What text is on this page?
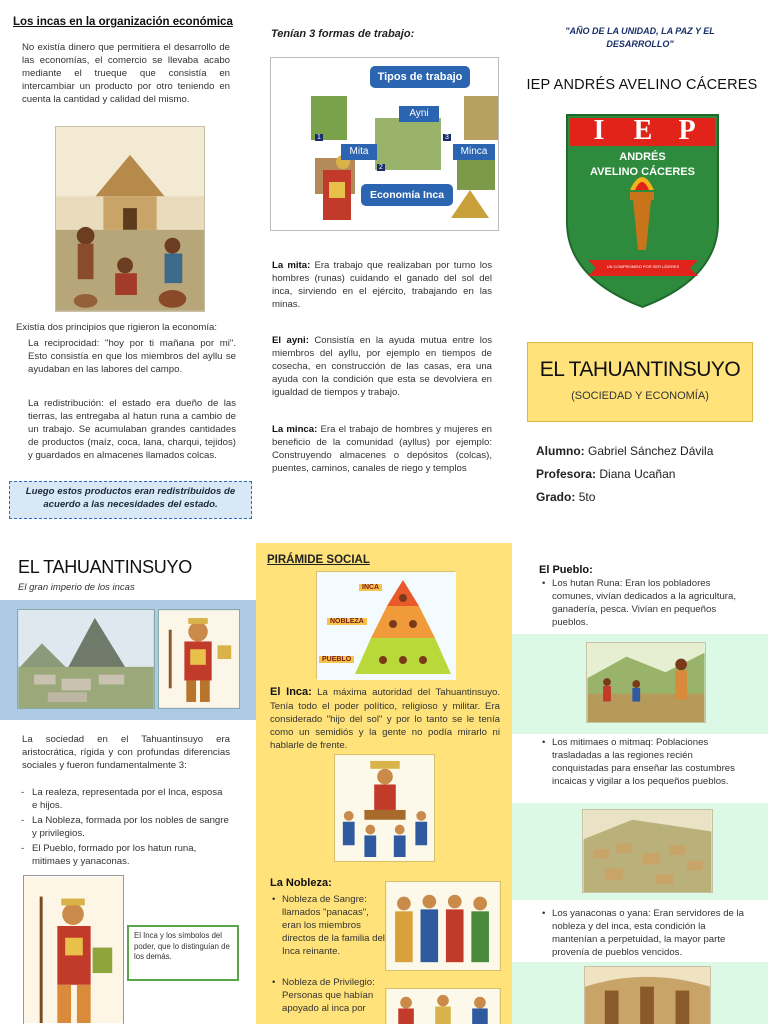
Los incas en la organización económica
No existía dinero que permitiera el desarrollo de las economías, el comercio se llevaba acabo mediante el trueque que consistía en intercambiar un producto por otro teniendo en cuenta la cantidad y calidad del mismo.
Existía dos principios que rigieron la economía:
La reciprocidad: "hoy por ti mañana por mi". Esto consistía en que los miembros del ayllu se ayudaban en las labores del campo.
La redistribución: el estado era dueño de las tierras, las entregaba al hatun runa a cambio de un trabajo. Se acumulaban grandes cantidades de productos (maíz, coca, lana, charqui, tejidos) y guardados en almacenes llamados colcas.
Luego estos productos eran redistribuidos de acuerdo a las necesidades del estado.
Tenían 3 formas de trabajo:
Tipos de trabajo
Ayni
Mita	Minca
Economía Inca
1
2
3
La mita: Era trabajo que realizaban por turno los hombres (runas) cuidando el ganado del sol del inca, sirviendo en el ejército, trabajando en las minas.
El ayni: Consistía en la ayuda mutua entre los miembros del ayllu, por ejemplo en tiempos de cosecha, en construcción de las casas, era una ayuda con la condición que esta se devolviera en igualdad de tiempos y trabajo.
La minca: Era el trabajo de hombres y mujeres en beneficio de la comunidad (ayllus) por ejemplo: Construyendo almacenes o depósitos (colcas), puentes, caminos, canales de riego y templos
"AÑO DE LA UNIDAD, LA PAZ Y EL DESARROLLO"
IEP ANDRÉS AVELINO CÁCERES
I	E P
ANDRÉS
AVELINO CÁCERES
UN COMPROMISO POR SER LÍDERES
EL TAHUANTINSUYO
(SOCIEDAD Y ECONOMÍA)
Alumno: Gabriel Sánchez Dávila
Profesora: Diana Ucañan
Grado: 5to
EL TAHUANTINSUYO
El gran imperio de los incas
La sociedad en el Tahuantinsuyo era aristocrática, rígida y con profundas diferencias sociales y fueron fundamentalmente 3:
- La realeza, representada por el Inca, esposa e hijos.
- La Nobleza, formada por los nobles de sangre y privilegios.
- El Pueblo, formado por los hatun runa, mitimaes y yanaconas.
El Inca y los símbolos del poder, que lo distinguían de los demás.
PIRÁMIDE SOCIAL
INCA
NOBLEZA
PUEBLO
El Inca: La máxima autoridad del Tahuantinsuyo. Tenía todo el poder político, religioso y militar. Era considerado "hijo del sol" y por lo tanto se le tenía como un semidiós y la gente no podía mirarlo ni hablarle de frente.
La Nobleza:
• Nobleza de Sangre: llamados "panacas", eran los miembros directos de la familia del Inca reinante.
• Nobleza de Privilegio: Personas que habían apoyado al inca por
El Pueblo:
• Los hutan Runa: Eran los pobladores comunes, vivían dedicados a la agricultura, ganadería, pesca. Vivían en pequeños pueblos.
• Los mitimaes o mitmaq: Poblaciones trasladadas a las regiones recién conquistadas para enseñar las costumbres incaicas y vigilar a los pequeños pueblos.
• Los yanaconas o yana: Eran servidores de la nobleza y del inca, esta condición la mantenían a perpetuidad, la mayor parte provenía de pueblos vencidos.
